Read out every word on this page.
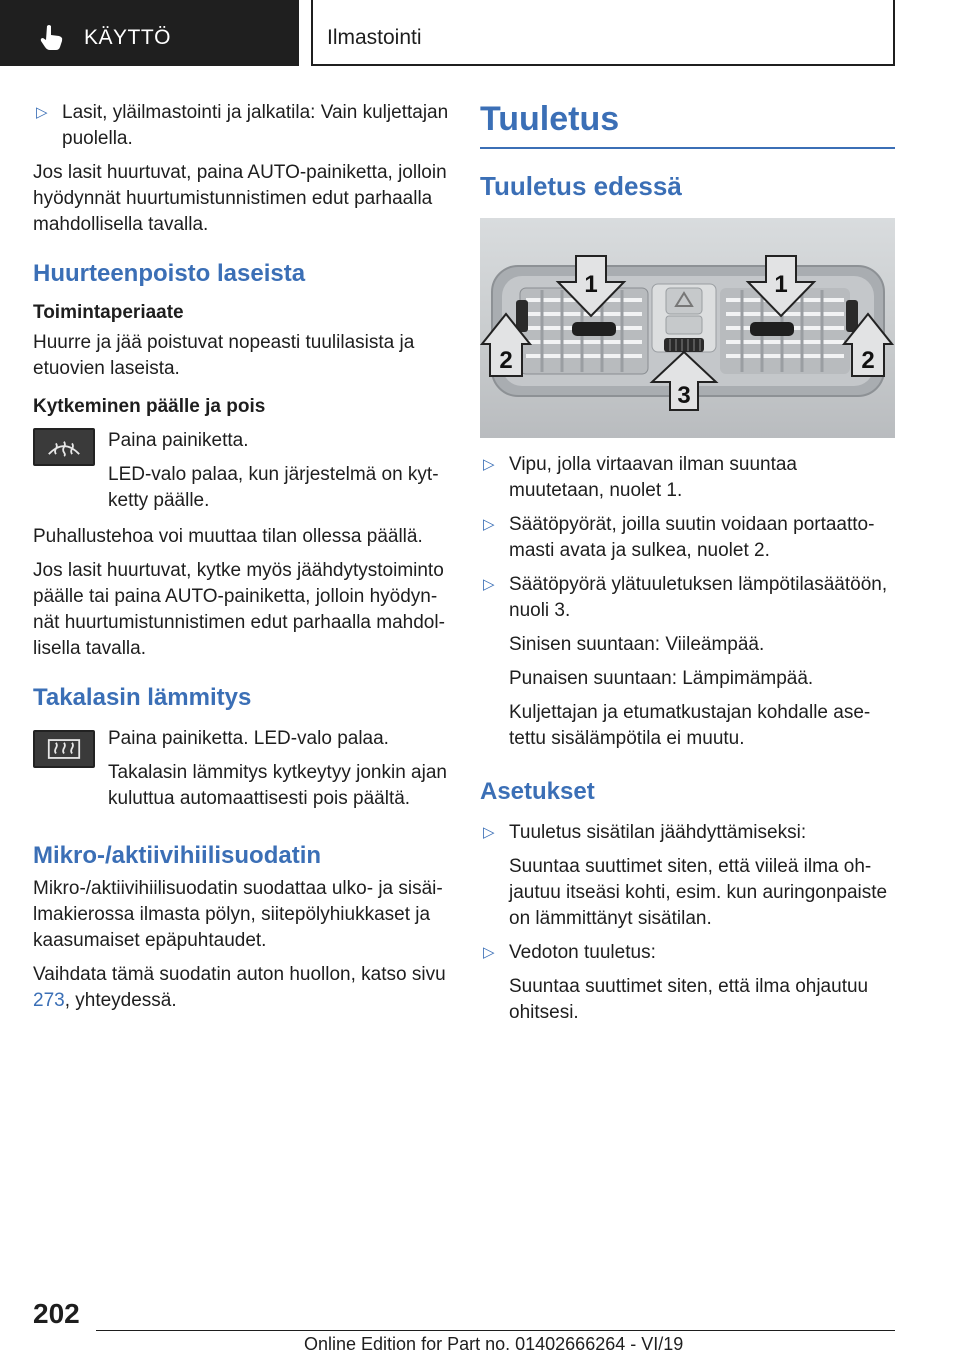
KÄYTTÖ	Ilmastointi
▷ Lasit, yläilmastointi ja jalkatila: Vain kuljettajan puolella.

Jos lasit huurtuvat, paina AUTO-painiketta, jolloin hyödynnät huurtumistunnistimen edut parhaalla mahdollisella tavalla.

Huurteenpoisto laseista
Toimintaperiaate

Huurre ja jää poistuvat nopeasti tuulilasista ja etuovien laseista.

Kytkeminen päälle ja pois

Paina painiketta.

LED-valo palaa, kun järjestelmä on kytketty päälle.

Puhallustehoa voi muuttaa tilan ollessa päällä.

Jos lasit huurtuvat, kytke myös jäähdytystoiminto päälle tai paina AUTO-painiketta, jolloin hyödynnät huurtumistunnistimen edut parhaalla mahdollisella tavalla.

Takalasin lämmitys

Paina painiketta. LED-valo palaa.

Takalasin lämmitys kytkeytyy jonkin ajan kuluttua automaattisesti pois päältä.

Mikro-/aktiivihiilisuodatin

Mikro-/aktiivihiilisuodatin suodattaa ulko- ja sisäilmakierossa ilmasta pölyn, siitepölyhiukkaset ja kaasumaiset epäpuhtaudet.

Vaihdata tämä suodatin auton huollon, katso sivu 273, yhteydessä.

Tuuletus
Tuuletus edessä
1	1
2	2
3
▷ Vipu, jolla virtaavan ilman suuntaa muutetaan, nuolet 1.
▷ Säätöpyörät, joilla suutin voidaan portaattomasti avata ja sulkea, nuolet 2.
▷ Säätöpyörä ylätuuletuksen lämpötilasäätöön, nuoli 3.

Sinisen suuntaan: Viileämpää.

Punaisen suuntaan: Lämpimämpää.

Kuljettajan ja etumatkustajan kohdalle asetettu sisälämpötila ei muutu.

Asetukset
▷ Tuuletus sisätilan jäähdyttämiseksi:

Suuntaa suuttimet siten, että viileä ilma ohjautuu itseäsi kohti, esim. kun auringonpaiste on lämmittänyt sisätilan.

▷ Vedoton tuuletus:

Suuntaa suuttimet siten, että ilma ohjautuu ohitsesi.

202
Online Edition for Part no. 01402666264 - VI/19
